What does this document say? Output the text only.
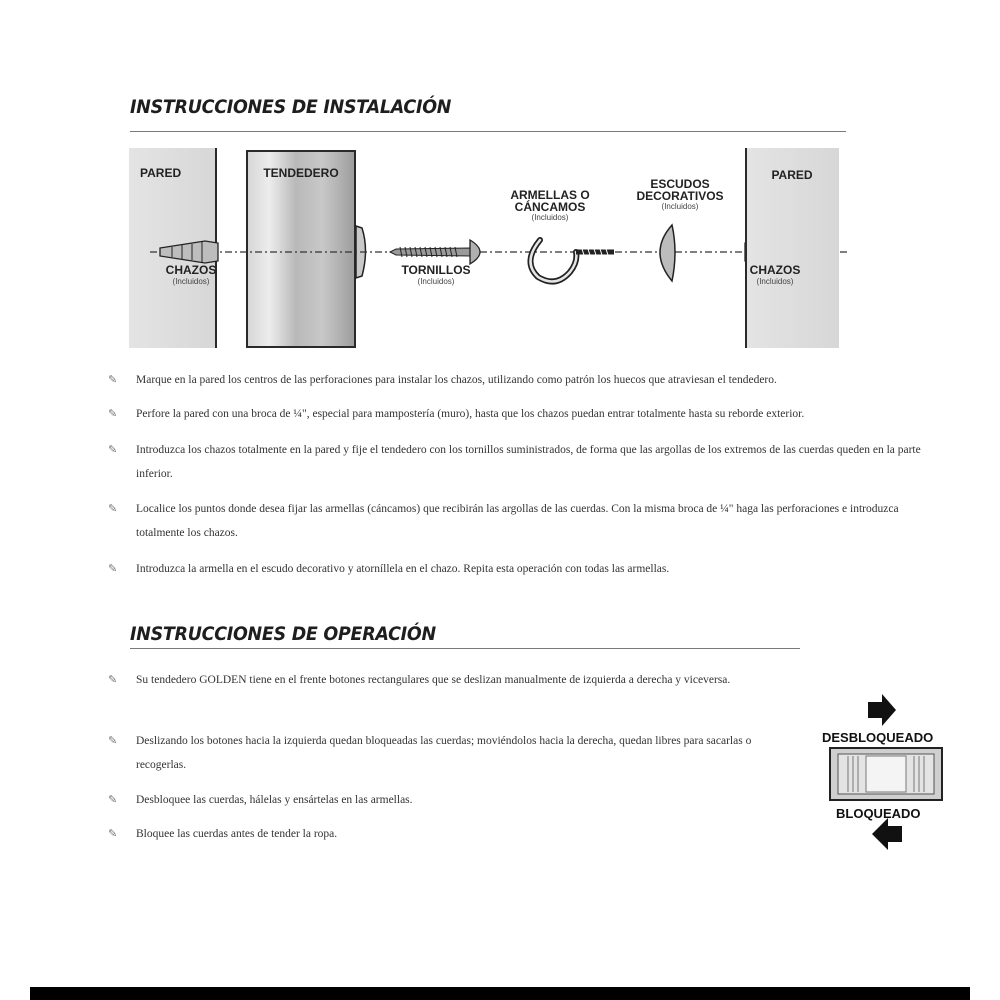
INSTRUCCIONES DE INSTALACIÓN
PARED	TENDEDERO	PARED
CHAZOS
(Incluidos)
TORNILLOS
(Incluidos)
ARMELLAS O
CÁNCAMOS
(Incluidos)
ESCUDOS
DECORATIVOS
(Incluidos)
CHAZOS
(Incluidos)
✎	Marque en la pared los centros de las perforaciones para instalar los chazos, utilizando como patrón los huecos que atraviesan el tendedero.
✎	Perfore la pared con una broca de ¼", especial para mampostería (muro), hasta que los chazos puedan entrar totalmente hasta su reborde exterior.
✎	Introduzca los chazos totalmente en la pared y fije el tendedero con los tornillos suministrados, de forma que las argollas de los extremos de las cuerdas queden en la parte inferior.
✎	Localice los puntos donde desea fijar las armellas (cáncamos) que recibirán las argollas de las cuerdas. Con la misma broca de ¼" haga las perforaciones e introduzca totalmente los chazos.
✎	Introduzca la armella en el escudo decorativo y atorníllela en el chazo. Repita esta operación con todas las armellas.
INSTRUCCIONES DE OPERACIÓN
✎	Su tendedero GOLDEN tiene en el frente botones rectangulares que se deslizan manualmente de izquierda a derecha y viceversa.
✎	Deslizando los botones hacia la izquierda quedan bloqueadas las cuerdas; moviéndolos hacia la derecha, quedan libres para sacarlas o recogerlas.
✎	Desbloquee las cuerdas, hálelas y ensártelas en las armellas.
✎	Bloquee las cuerdas antes de tender la ropa.
DESBLOQUEADO
BLOQUEADO
